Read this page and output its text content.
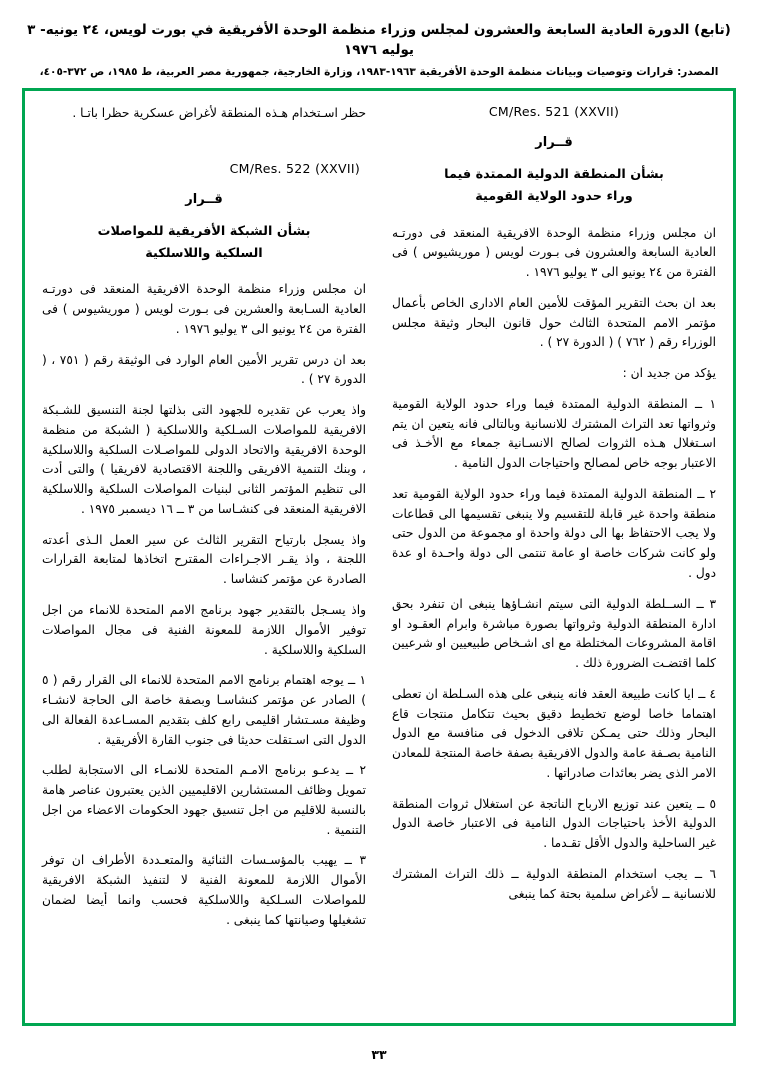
(تابع) الدورة العادية السابعة والعشرون لمجلس وزراء منظمة الوحدة الأفريقية في بورت لويس، ٢٤ يونيه- ٣ يوليه ١٩٧٦
المصدر: ‏قرارات وتوصيات وبيانات منظمة الوحدة الأفريقية ١٩٦٣-١٩٨٣، وزارة الخارجية، جمهورية مصر العربية، ط ١٩٨٥، ص ٣٧٢-٤٠٥،
CM/Res. 521 (XXVII)
قــرار
بشأن المنطقة الدولية الممتدة فيما
وراء حدود الولاية القومية

ان مجلس وزراء منظمة الوحدة الافريقية المنعقد فى دورتـه العادية السابعة والعشرون فى بـورت لويس ( موريشيوس ) فى الفترة من ٢٤ يونيو الى ٣ يوليو ١٩٧٦ .

بعد ان بحث التقرير المؤقت للأمين العام الادارى الخاص بأعمال مؤتمر الامم المتحدة الثالث حول قانون البحار وثيقة مجلس الوزراء رقم ( ٧٦٢ ) ( الدورة ٢٧ ) .

يؤكد من جديد ان :

١ ــ المنطقة الدولية الممتدة فيما وراء حدود الولاية القومية وثرواتها تعد التراث المشترك للانسانية وبالتالى فانه يتعين ان يتم اسـتغلال هـذه الثروات لصالح الانسـانية جمعاء مع الأخـذ فى الاعتبار بوجه خاص لمصالح واحتياجات الدول النامية .

٢ ــ المنطقة الدولية الممتدة فيما وراء حدود الولاية القومية تعد منطقة واحدة غير قابلة للتقسيم ولا ينبغى تقسيمها الى قطاعات ولا يجب الاحتفاظ بها الى دولة واحدة او مجموعة من الدول حتى ولو كانت شركات خاصة او عامة تنتمى الى دولة واحـدة او عدة دول .

٣ ــ الســلطة الدولية التى سيتم انشـاؤها ينبغى ان تنفرد بحق ادارة المنطقة الدولية وثرواتها بصورة مباشرة وابرام العقـود او اقامة المشروعات المختلطة مع اى اشـخاص طبيعيين او شرعيين كلما اقتضـت الضرورة ذلك .

٤ ــ ايا كانت طبيعة العقد فانه ينبغى على هذه السـلطة ان تعطى اهتماما خاصا لوضع تخطيط دقيق بحيث تتكامل منتجات قاع البحار وذلك حتى يمـكن تلافى الدخول فى منافسة مع الدول النامية بصـفة عامة والدول الافريقية بصفة خاصة المنتجة للمعادن الامر الذى يضر بعائدات صادراتها .

٥ ــ يتعين عند توزيع الارباح الناتجة عن استغلال ثروات المنطقة الدولية الأخذ باحتياجات الدول النامية فى الاعتبار خاصة الدول غير الساحلية والدول الأقل تقـدما .

٦ ــ يجب استخدام المنطقة الدولية ــ ذلك التراث المشترك للانسانية ــ لأغراض سلمية بحتة كما ينبغى

حظر اسـتخدام هـذه المنطقة لأغراض عسكرية حظرا باتـا .

CM/Res. 522 (XXVII)
قــرار
بشأن الشبكة الأفريقية للمواصلات
السلكية واللاسلكية

ان مجلس وزراء منظمة الوحدة الافريقية المنعقد فى دورتـه العادية السـابعة والعشرين فى بـورت لويس ( موريشيوس ) فى الفترة من ٢٤ يونيو الى ٣ يوليو ١٩٧٦ .

بعد ان درس تقرير الأمين العام الوارد فى الوثيقة رقم ( ٧٥١ ، ( الدورة ٢٧ ) .

واذ يعرب عن تقديره للجهود التى بذلتها لجنة التنسيق للشـبكة الافريقية للمواصلات السـلكية واللاسلكية ( الشبكة من منظمة الوحدة الافريقية والاتحاد الدولى للمواصـلات السلكية واللاسلكية ، وبنك التنمية الافريقى واللجنة الاقتصادية لافريقيا ) والتى أدت الى تنظيم المؤتمر الثانى لبنيات المواصلات السلكية واللاسلكية الافريقية المنعقد فى كنشـاسا من ٣ ــ ١٦ ديسمبر ١٩٧٥ .

واذ يسجل بارتياح التقرير الثالث عن سير العمل الـذى أعدته اللجنة ، واذ يقـر الاجـراءات المقترح اتخاذها لمتابعة القرارات الصادرة عن مؤتمر كنشاسا .

واذ يسـجل بالتقدير جهود برنامج الامم المتحدة للانماء من اجل توفير الأموال اللازمة للمعونة الفنية فى مجال المواصلات السلكية واللاسلكية .

١ ــ يوجه اهتمام برنامج الامم المتحدة للانماء الى القرار رقم ( ٥ ) الصادر عن مؤتمر كنشاسـا وبصفة خاصة الى الحاجة لانشـاء وظيفة مسـتشار اقليمى رابع كلف بتقديم المسـاعدة الفعالة الى الدول التى اسـتقلت حديثا فى جنوب القارة الأفريقية .

٢ ــ يدعـو برنامج الامـم المتحدة للانمـاء الى الاستجابة لطلب تمويل وظائف المستشارين الاقليميين الذين يعتبرون عناصر هامة بالنسبة للاقليم من اجل تنسيق جهود الحكومات الاعضاء من اجل التنمية .

٣ ــ يهيب بالمؤسـسات الثنائية والمتعـددة الأطراف ان توفر الأموال اللازمة للمعونة الفنية لا لتنفيذ الشبكة الافريقية للمواصلات السـلكية واللاسلكية فحسب وانما أيضا لضمان تشغيلها وصيانتها كما ينبغى .

٣٣
